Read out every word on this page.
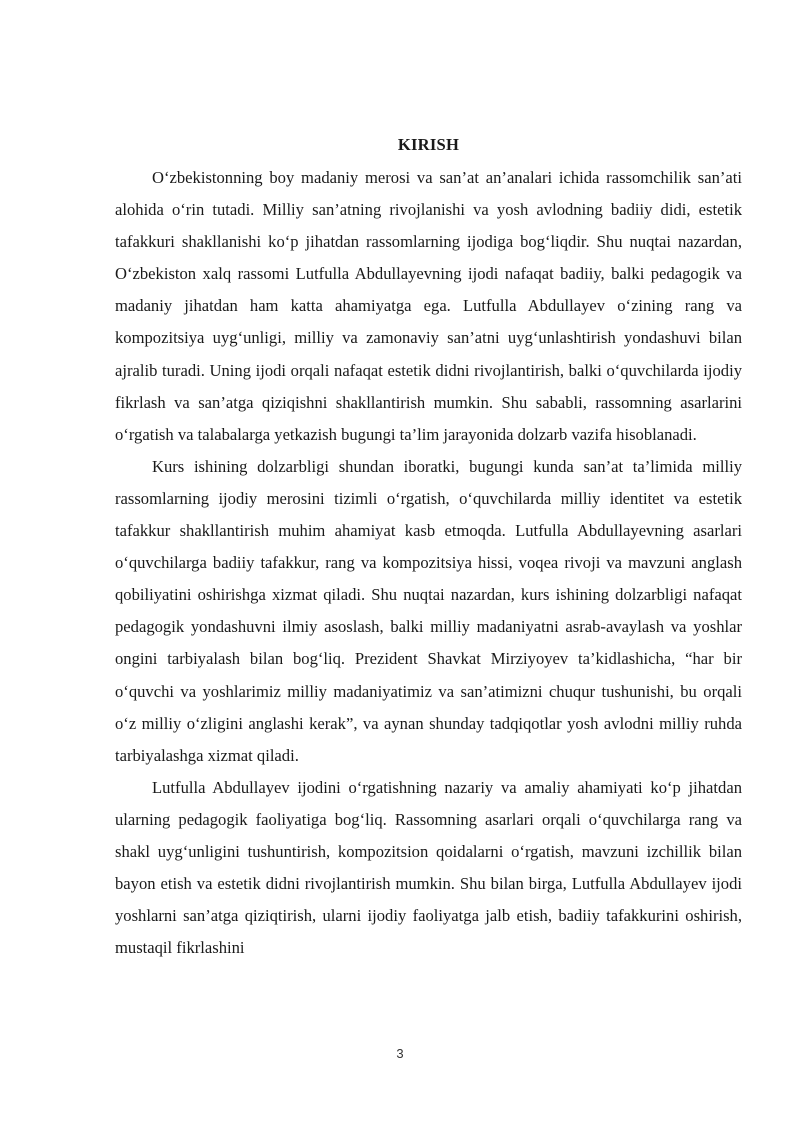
KIRISH

O‘zbekistonning boy madaniy merosi va san’at an’analari ichida rassomchilik san’ati alohida o‘rin tutadi. Milliy san’atning rivojlanishi va yosh avlodning badiiy didi, estetik tafakkuri shakllanishi ko‘p jihatdan rassomlarning ijodiga bog‘liqdir. Shu nuqtai nazardan, O‘zbekiston xalq rassomi Lutfulla Abdullayevning ijodi nafaqat badiiy, balki pedagogik va madaniy jihatdan ham katta ahamiyatga ega. Lutfulla Abdullayev o‘zining rang va kompozitsiya uyg‘unligi, milliy va zamonaviy san’atni uyg‘unlashtirish yondashuvi bilan ajralib turadi. Uning ijodi orqali nafaqat estetik didni rivojlantirish, balki o‘quvchilarda ijodiy fikrlash va san’atga qiziqishni shakllantirish mumkin. Shu sababli, rassomning asarlarini o‘rgatish va talabalarga yetkazish bugungi ta’lim jarayonida dolzarb vazifa hisoblanadi.

Kurs ishining dolzarbligi shundan iboratki, bugungi kunda san’at ta’limida milliy rassomlarning ijodiy merosini tizimli o‘rgatish, o‘quvchilarda milliy identitet va estetik tafakkur shakllantirish muhim ahamiyat kasb etmoqda. Lutfulla Abdullayevning asarlari o‘quvchilarga badiiy tafakkur, rang va kompozitsiya hissi, voqea rivoji va mavzuni anglash qobiliyatini oshirishga xizmat qiladi. Shu nuqtai nazardan, kurs ishining dolzarbligi nafaqat pedagogik yondashuvni ilmiy asoslash, balki milliy madaniyatni asrab-avaylash va yoshlar ongini tarbiyalash bilan bog‘liq. Prezident Shavkat Mirziyoyev ta’kidlashicha, “har bir o‘quvchi va yoshlarimiz milliy madaniyatimiz va san’atimizni chuqur tushunishi, bu orqali o‘z milliy o‘zligini anglashi kerak”, va aynan shunday tadqiqotlar yosh avlodni milliy ruhda tarbiyalashga xizmat qiladi.

Lutfulla Abdullayev ijodini o‘rgatishning nazariy va amaliy ahamiyati ko‘p jihatdan ularning pedagogik faoliyatiga bog‘liq. Rassomning asarlari orqali o‘quvchilarga rang va shakl uyg‘unligini tushuntirish, kompozitsion qoidalarni o‘rgatish, mavzuni izchillik bilan bayon etish va estetik didni rivojlantirish mumkin. Shu bilan birga, Lutfulla Abdullayev ijodi yoshlarni san’atga qiziqtirish, ularni ijodiy faoliyatga jalb etish, badiiy tafakkurini oshirish, mustaqil fikrlashini

3
